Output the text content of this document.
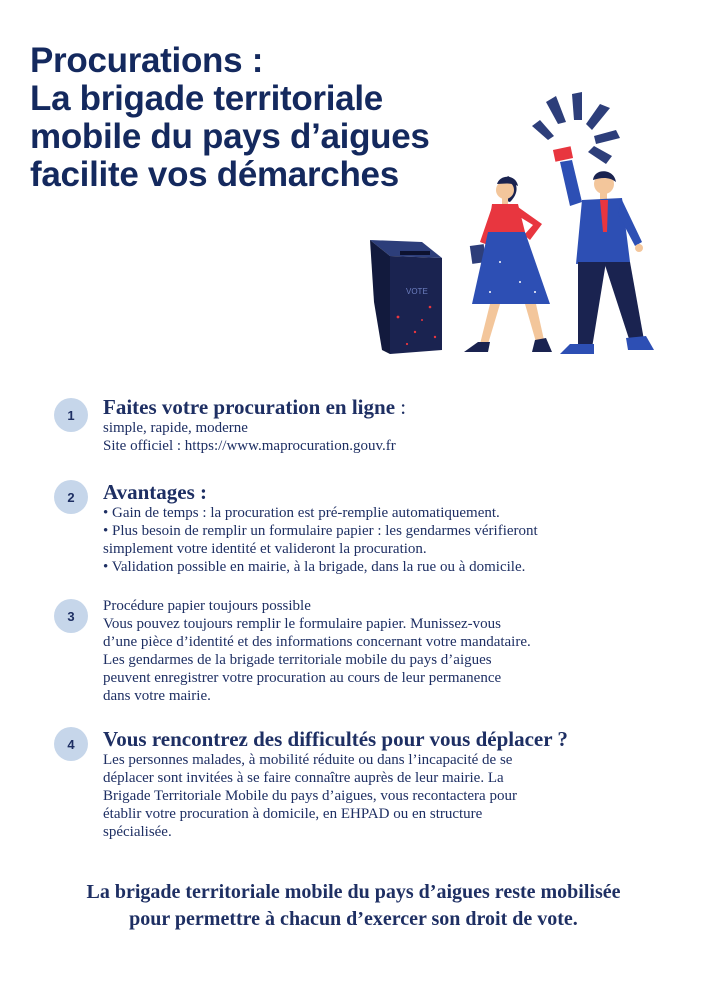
Procurations :
La brigade territoriale
mobile du pays d’aigues
facilite vos démarches
VOTE
1	Faites votre procuration en ligne :
simple, rapide, moderne
Site officiel : https://www.maprocuration.gouv.fr
2	Avantages :
• Gain de temps : la procuration est pré-remplie automatiquement.
• Plus besoin de remplir un formulaire papier : les gendarmes vérifieront
simplement votre identité et valideront la procuration.
• Validation possible en mairie, à la brigade, dans la rue ou à domicile.
3
Procédure papier toujours possible
Vous pouvez toujours remplir le formulaire papier. Munissez-vous
d’une pièce d’identité et des informations concernant votre mandataire.
Les gendarmes de la brigade territoriale mobile du pays d’aigues
peuvent enregistrer votre procuration au cours de leur permanence
dans votre mairie.
4	Vous rencontrez des difficultés pour vous déplacer ?
Les personnes malades, à mobilité réduite ou dans l’incapacité de se
déplacer sont invitées à se faire connaître auprès de leur mairie. La
Brigade Territoriale Mobile du pays d’aigues, vous recontactera pour
établir votre procuration à domicile, en EHPAD ou en structure
spécialisée.
La brigade territoriale mobile du pays d’aigues reste mobilisée
pour permettre à chacun d’exercer son droit de vote.
